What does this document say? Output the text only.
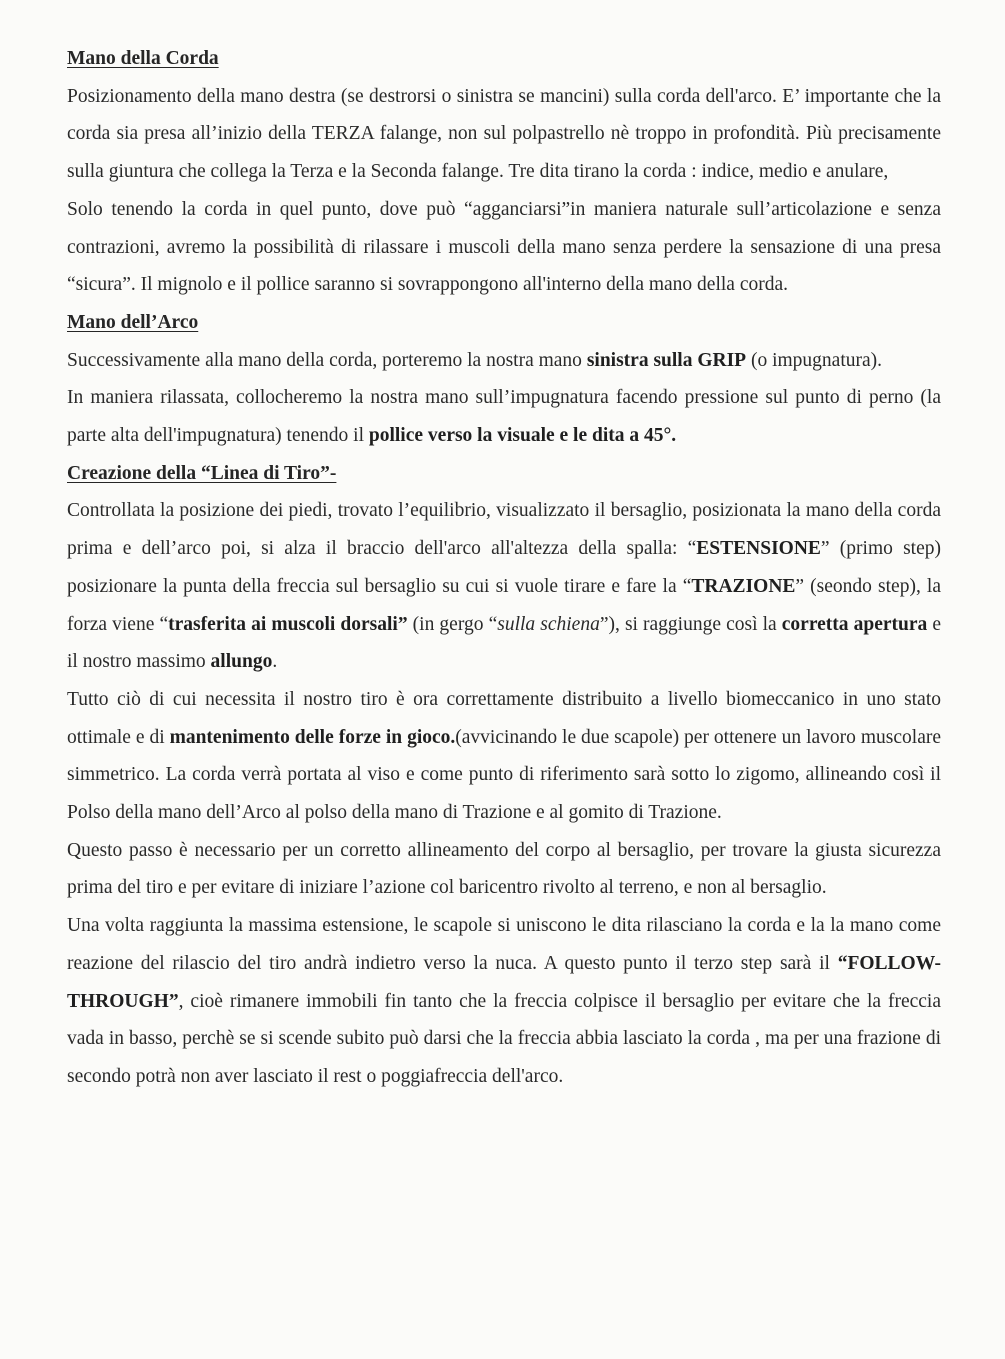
Mano della Corda

Posizionamento della mano destra (se destrorsi o sinistra se mancini) sulla corda dell'arco. E’ importante che la corda sia presa all’inizio della TERZA falange, non sul polpastrello nè troppo in profondità. Più precisamente sulla giuntura che collega la Terza e la Seconda falange. Tre dita tirano la corda : indice, medio e anulare,

Solo tenendo la corda in quel punto, dove può “agganciarsi”in maniera naturale sull’articolazione e senza contrazioni, avremo la possibilità di rilassare i muscoli della mano senza perdere la sensazione di una presa “sicura”. Il mignolo e il pollice saranno si sovrappongono all'interno della mano della corda.

Mano dell’Arco

Successivamente alla mano della corda, porteremo la nostra mano sinistra sulla GRIP (o impugnatura).

In maniera rilassata, collocheremo la nostra mano sull’impugnatura facendo pressione sul punto di perno (la parte alta dell'impugnatura) tenendo il pollice verso la visuale e le dita a 45°.

Creazione della “Linea di Tiro”-

Controllata la posizione dei piedi, trovato l’equilibrio, visualizzato il bersaglio, posizionata la mano della corda prima e dell’arco poi, si alza il braccio dell'arco all'altezza della spalla: “ESTENSIONE” (primo step) posizionare la punta della freccia sul bersaglio su cui si vuole tirare e fare la “TRAZIONE” (seondo step), la forza viene “trasferita ai muscoli dorsali” (in gergo “sulla schiena”), si raggiunge così la corretta apertura e il nostro massimo allungo.

Tutto ciò di cui necessita il nostro tiro è ora correttamente distribuito a livello biomeccanico in uno stato ottimale e di mantenimento delle forze in gioco.(avvicinando le due scapole) per ottenere un lavoro muscolare simmetrico. La corda verrà portata al viso e come punto di riferimento sarà sotto lo zigomo, allineando così il Polso della mano dell’Arco al polso della mano di Trazione e al gomito di Trazione.

Questo passo è necessario per un corretto allineamento del corpo al bersaglio, per trovare la giusta sicurezza prima del tiro e per evitare di iniziare l’azione col baricentro rivolto al terreno, e non al bersaglio.

Una volta raggiunta la massima estensione, le scapole si uniscono le dita rilasciano la corda e la la mano come reazione del rilascio del tiro andrà indietro verso la nuca. A questo punto il terzo step sarà il “FOLLOW-THROUGH”, cioè rimanere immobili fin tanto che la freccia colpisce il bersaglio per evitare che la freccia vada in basso, perchè se si scende subito può darsi che la freccia abbia lasciato la corda , ma per una frazione di secondo potrà non aver lasciato il rest o poggiafreccia dell'arco.
